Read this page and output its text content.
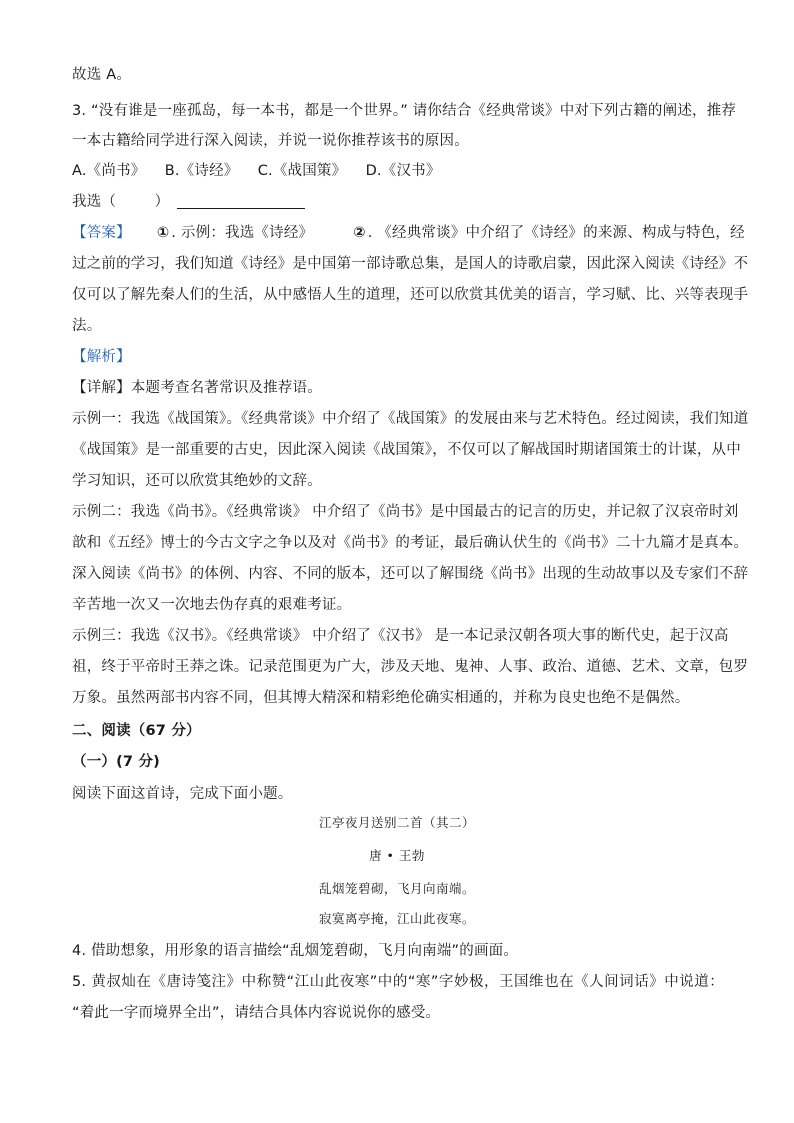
故选 A。

3. “没有谁是一座孤岛，每一本书，都是一个世界。” 请你结合《经典常谈》中对下列古籍的阐述，推荐

一本古籍给同学进行深入阅读，并说一说你推荐该书的原因。

A.《尚书》    B.《诗经》    C.《战国策》    D.《汉书》

我选（        ）

【答案】 ① . 示例：我选《诗经》	② . 《经典常谈》中介绍了《诗经》的来源、构成与特色，经

过之前的学习，我们知道《诗经》是中国第一部诗歌总集，是国人的诗歌启蒙，因此深入阅读《诗经》不

仅可以了解先秦人们的生活，从中感悟人生的道理，还可以欣赏其优美的语言，学习赋、比、兴等表现手

法。

【解析】

【详解】本题考查名著常识及推荐语。

示例一：我选《战国策》。《经典常谈》中介绍了《战国策》的发展由来与艺术特色。经过阅读，我们知道

《战国策》是一部重要的古史，因此深入阅读《战国策》，不仅可以了解战国时期诸国策士的计谋，从中

学习知识，还可以欣赏其绝妙的文辞。

示例二：我选《尚书》。《经典常谈》 中介绍了《尚书》是中国最古的记言的历史，并记叙了汉哀帝时刘

歆和《五经》博士的今古文字之争以及对《尚书》的考证，最后确认伏生的《尚书》二十九篇才是真本。

深入阅读《尚书》的体例、内容、不同的版本，还可以了解围绕《尚书》出现的生动故事以及专家们不辞

辛苦地一次又一次地去伪存真的艰难考证。

示例三：我选《汉书》。《经典常谈》 中介绍了《汉书》 是一本记录汉朝各项大事的断代史，起于汉高

祖，终于平帝时王莽之诛。记录范围更为广大，涉及天地、鬼神、人事、政治、道德、艺术、文章，包罗

万象。虽然两部书内容不同，但其博大精深和精彩绝伦确实相通的，并称为良史也绝不是偶然。

二、阅读（67 分）

（一）(7 分)

阅读下面这首诗，完成下面小题。

江亭夜月送别二首（其二）
唐 • 王勃
乱烟笼碧砌，飞月向南端。
寂寞离亭掩，江山此夜寒。

4. 借助想象，用形象的语言描绘“乱烟笼碧砌，飞月向南端”的画面。

5. 黄叔灿在《唐诗笺注》中称赞“江山此夜寒”中的“寒”字妙极，王国维也在《人间词话》中说道：

“着此一字而境界全出”，请结合具体内容说说你的感受。
